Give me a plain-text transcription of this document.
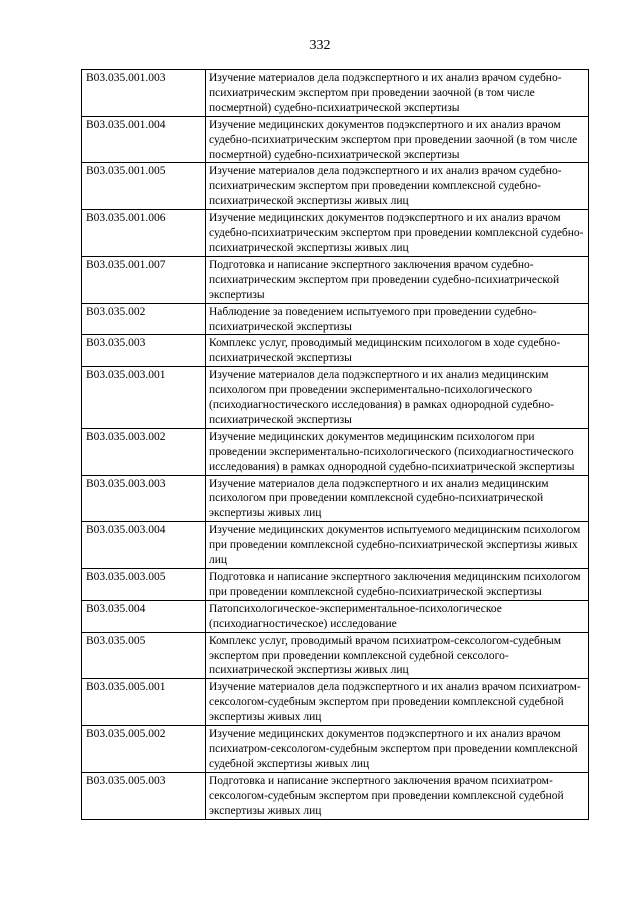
332
B03.035.001.003	Изучение материалов дела подэкспертного и их анализ врачом судебно-психиатрическим экспертом при проведении заочной (в том числе посмертной) судебно-психиатрической экспертизы
B03.035.001.004	Изучение медицинских документов подэкспертного и их анализ врачом судебно-психиатрическим экспертом при проведении заочной (в том числе посмертной) судебно-психиатрической экспертизы
B03.035.001.005	Изучение материалов дела подэкспертного и их анализ врачом судебно-психиатрическим экспертом при проведении комплексной судебно-психиатрической экспертизы живых лиц
B03.035.001.006	Изучение медицинских документов подэкспертного и их анализ врачом судебно-психиатрическим экспертом при проведении комплексной судебно-психиатрической экспертизы живых лиц
B03.035.001.007	Подготовка и написание экспертного заключения врачом судебно-психиатрическим экспертом при проведении судебно-психиатрической экспертизы
B03.035.002	Наблюдение за поведением испытуемого при проведении судебно-психиатрической экспертизы
B03.035.003	Комплекс услуг, проводимый медицинским психологом в ходе судебно-психиатрической экспертизы
B03.035.003.001	Изучение материалов дела подэкспертного и их анализ медицинским психологом при проведении экспериментально-психологического (психодиагностического исследования) в рамках однородной судебно-психиатрической экспертизы
B03.035.003.002	Изучение медицинских документов медицинским психологом при проведении экспериментально-психологического (психодиагностического исследования) в рамках однородной судебно-психиатрической экспертизы
B03.035.003.003	Изучение материалов дела подэкспертного и их анализ медицинским психологом при проведении комплексной судебно-психиатрической экспертизы живых лиц
B03.035.003.004	Изучение медицинских документов испытуемого медицинским психологом при проведении комплексной судебно-психиатрической экспертизы живых лиц
B03.035.003.005	Подготовка и написание экспертного заключения медицинским психологом при проведении комплексной судебно-психиатрической экспертизы
B03.035.004	Патопсихологическое-экспериментальное-психологическое (психодиагностическое) исследование
B03.035.005	Комплекс услуг, проводимый врачом психиатром-сексологом-судебным экспертом при проведении комплексной судебной сексолого-психиатрической экспертизы живых лиц
B03.035.005.001	Изучение материалов дела подэкспертного и их анализ врачом психиатром-сексологом-судебным экспертом при проведении комплексной судебной экспертизы живых лиц
B03.035.005.002	Изучение медицинских документов подэкспертного и их анализ врачом психиатром-сексологом-судебным экспертом при проведении комплексной судебной экспертизы живых лиц
B03.035.005.003	Подготовка и написание экспертного заключения врачом психиатром-сексологом-судебным экспертом при проведении комплексной судебной экспертизы живых лиц
